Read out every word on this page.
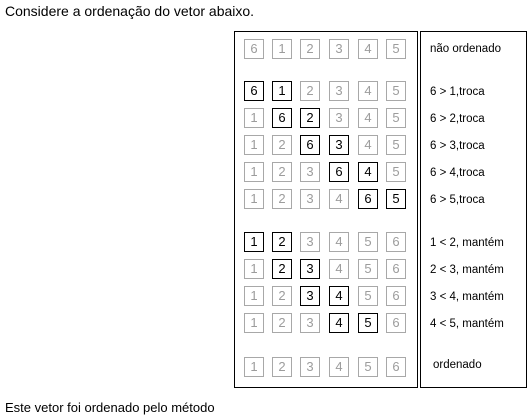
Considere a ordenação do vetor abaixo.
6	1	2	3	4	5	não ordenado
6	1	2	3	4	5	6 > 1,troca
1	6	2	3	4	5	6 > 2,troca
1	2	6	3	4	5	6 > 3,troca
1	2	3	6	4	5	6 > 4,troca
1	2	3	4	6	5	6 > 5,troca
1	2	3	4	5	6	1 < 2, mantém
1	2	3	4	5	6	2 < 3, mantém
1	2	3	4	5	6	3 < 4, mantém
1	2	3	4	5	6	4 < 5, mantém
1	2	3	4	5	6	ordenado
Este vetor foi ordenado pelo método
